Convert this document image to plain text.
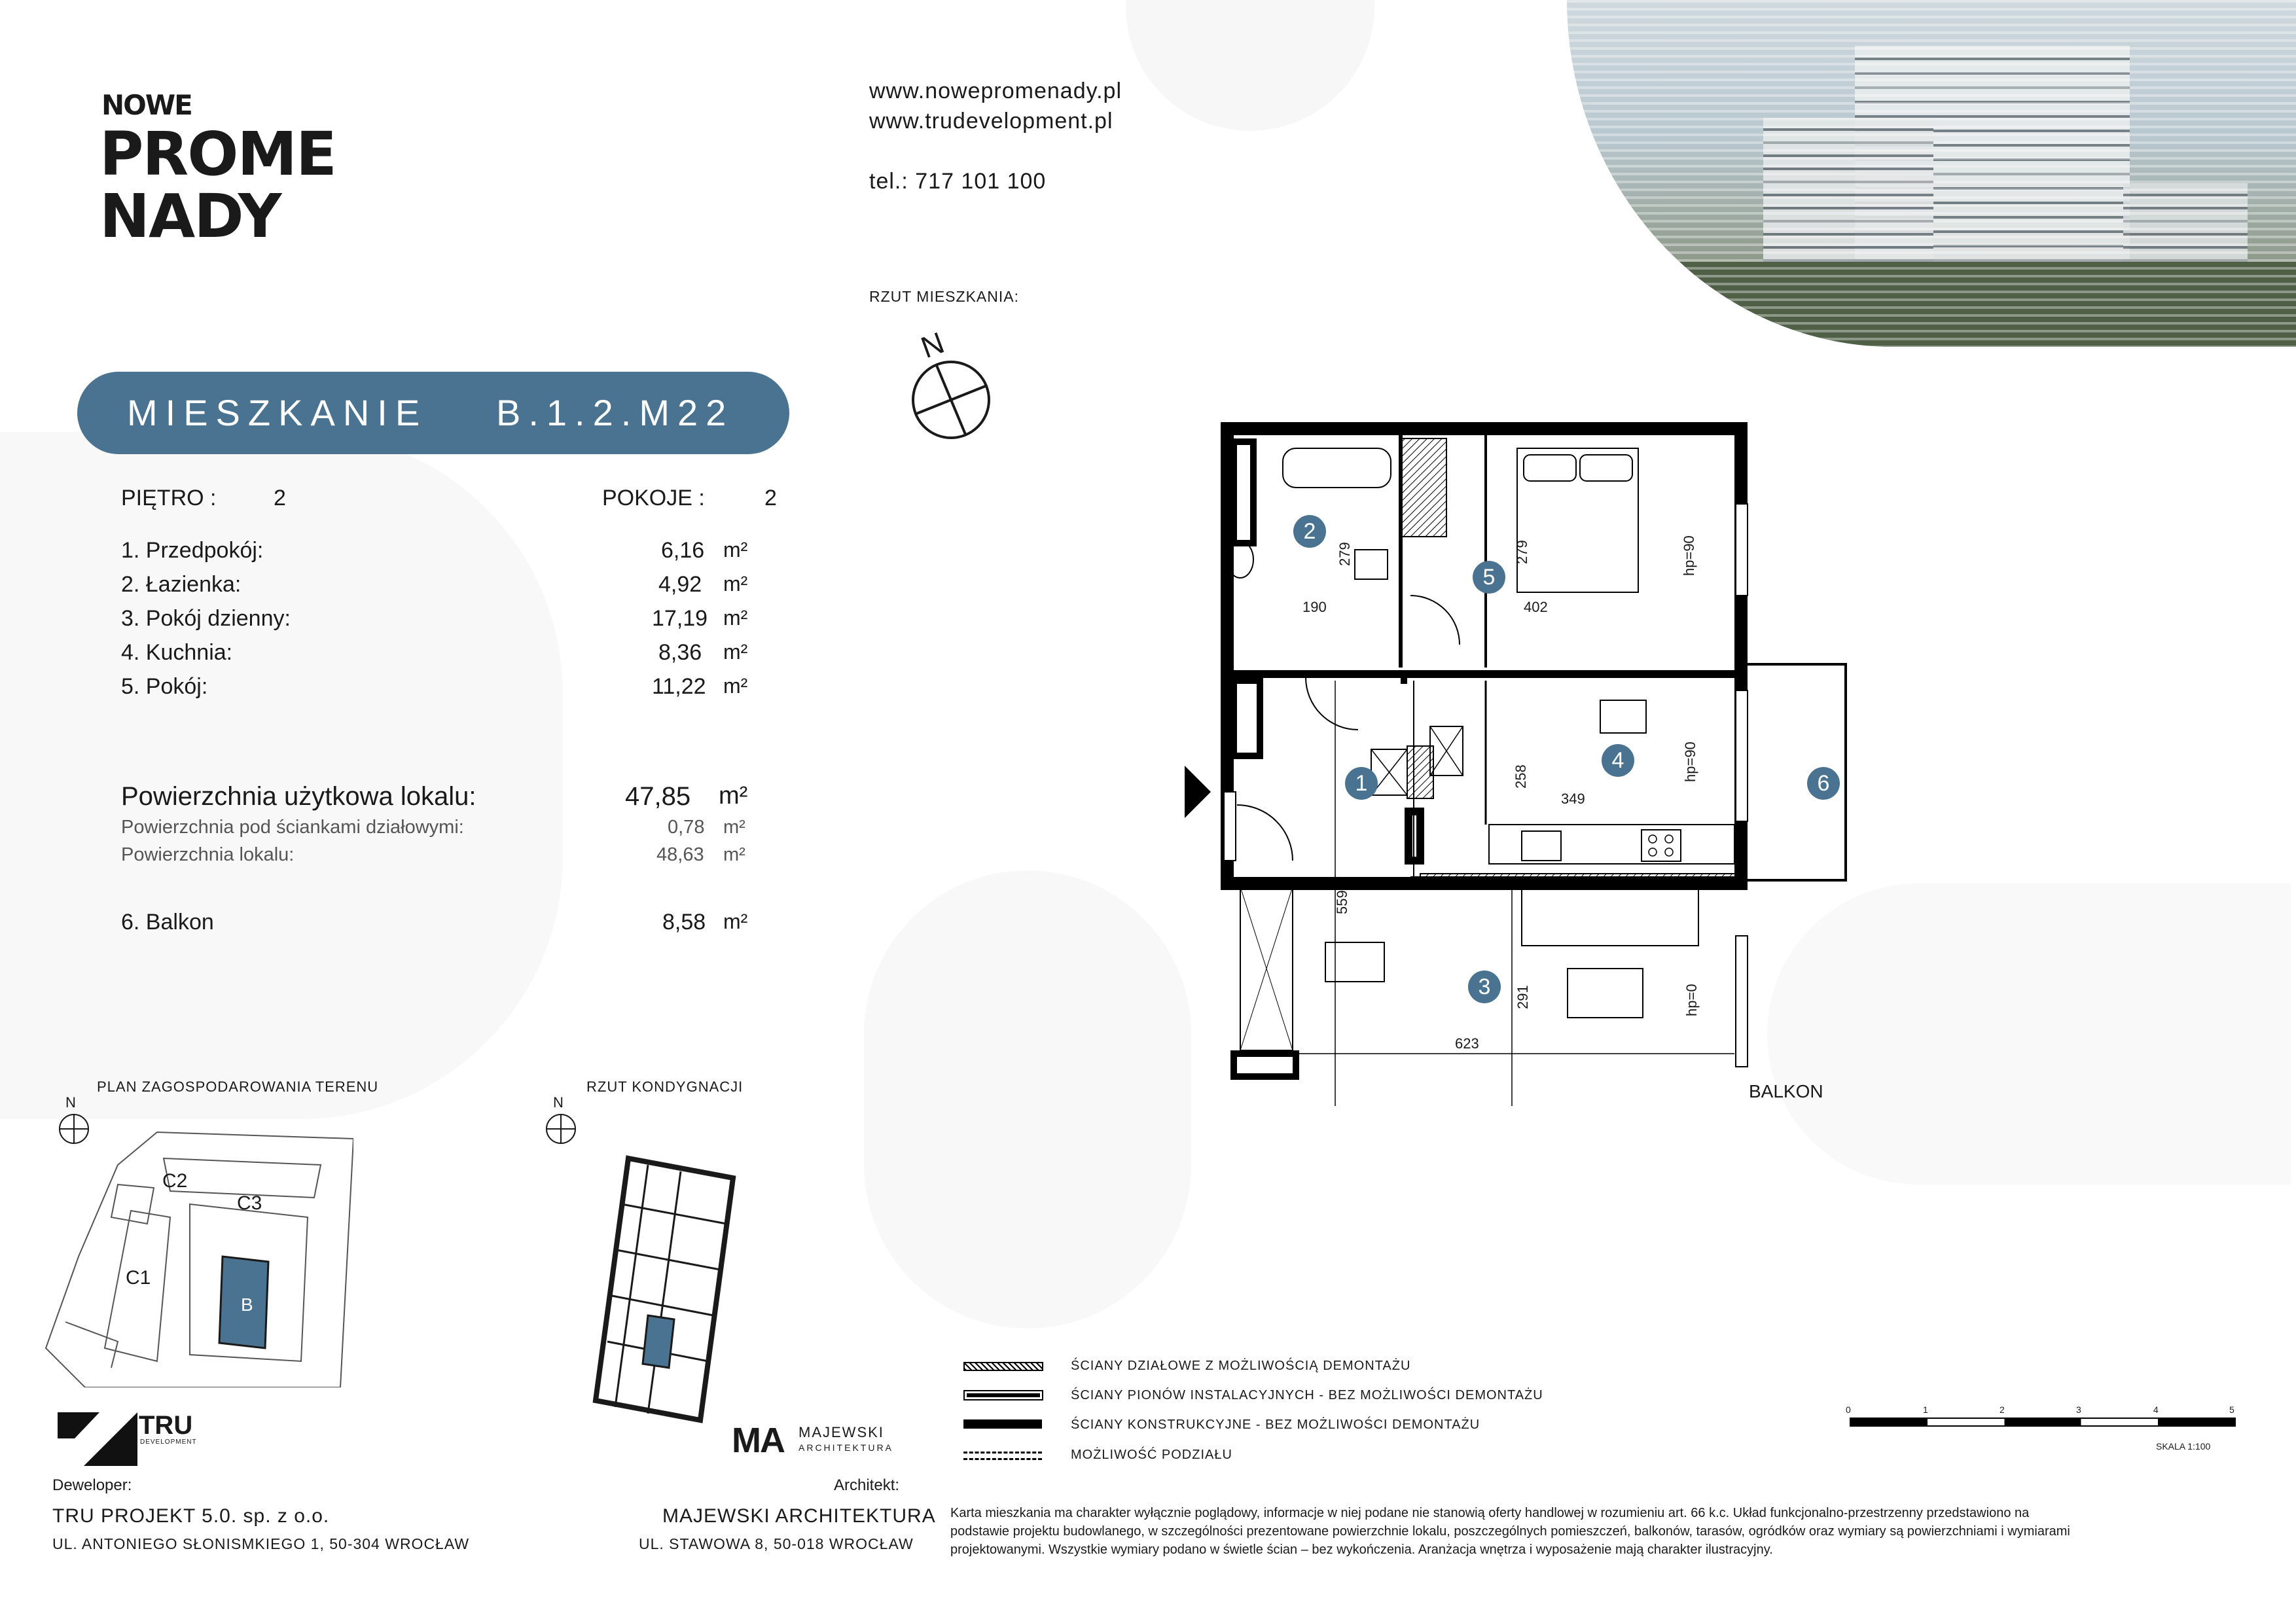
NOWE
PROME
NADY
www.nowepromenady.pl
www.trudevelopment.pl
tel.: 717 101 100
RZUT MIESZKANIA:
N
MIESZKANIE B.1.2.M22
PIĘTRO :	2	POKOJE :	2
1. Przedpokój:	6,16 m²
2. Łazienka:	4,92 m²
3. Pokój dzienny:	17,19 m²
4. Kuchnia:	8,36 m²
5. Pokój:	11,22 m²
Powierzchnia użytkowa lokalu:	47,85 m²
Powierzchnia pod ściankami działowymi:	0,78 m²
Powierzchnia lokalu:	48,63 m²
6. Balkon	8,58 m²
PLAN ZAGOSPODAROWANIA TERENU
N
C2
C3
C1
B
RZUT KONDYGNACJI
N
1
2
3
4
5
6
190
279	279
402
hp=90
258
349
hp=90
559
291	hp=0
623
BALKON
ŚCIANY DZIAŁOWE Z MOŻLIWOŚCIĄ DEMONTAŻU
ŚCIANY PIONÓW INSTALACYJNYCH - BEZ MOŻLIWOŚCI DEMONTAŻU
ŚCIANY KONSTRUKCYJNE - BEZ MOŻLIWOŚCI DEMONTAŻU
MOŻLIWOŚĆ PODZIAŁU
0	1	2	3	4	5
SKALA 1:100
TRU
DEVELOPMENT
Deweloper:
TRU PROJEKT 5.0. sp. z o.o.
UL. ANTONIEGO SŁONISMKIEGO 1, 50-304 WROCŁAW
MA MAJEWSKI
ARCHITEKTURA
Architekt:
MAJEWSKI ARCHITEKTURA
UL. STAWOWA 8, 50-018 WROCŁAW
Karta mieszkania ma charakter wyłącznie poglądowy, informacje w niej podane nie stanowią oferty handlowej w rozumieniu art. 66 k.c. Układ funkcjonalno-przestrzenny przedstawiono na
podstawie projektu budowlanego, w szczególności prezentowane powierzchnie lokalu, poszczególnych pomieszczeń, balkonów, tarasów, ogródków oraz wymiary są powierzchniami i wymiarami
projektowanymi. Wszystkie wymiary podano w świetle ścian – bez wykończenia. Aranżacja wnętrza i wyposażenie mają charakter ilustracyjny.
